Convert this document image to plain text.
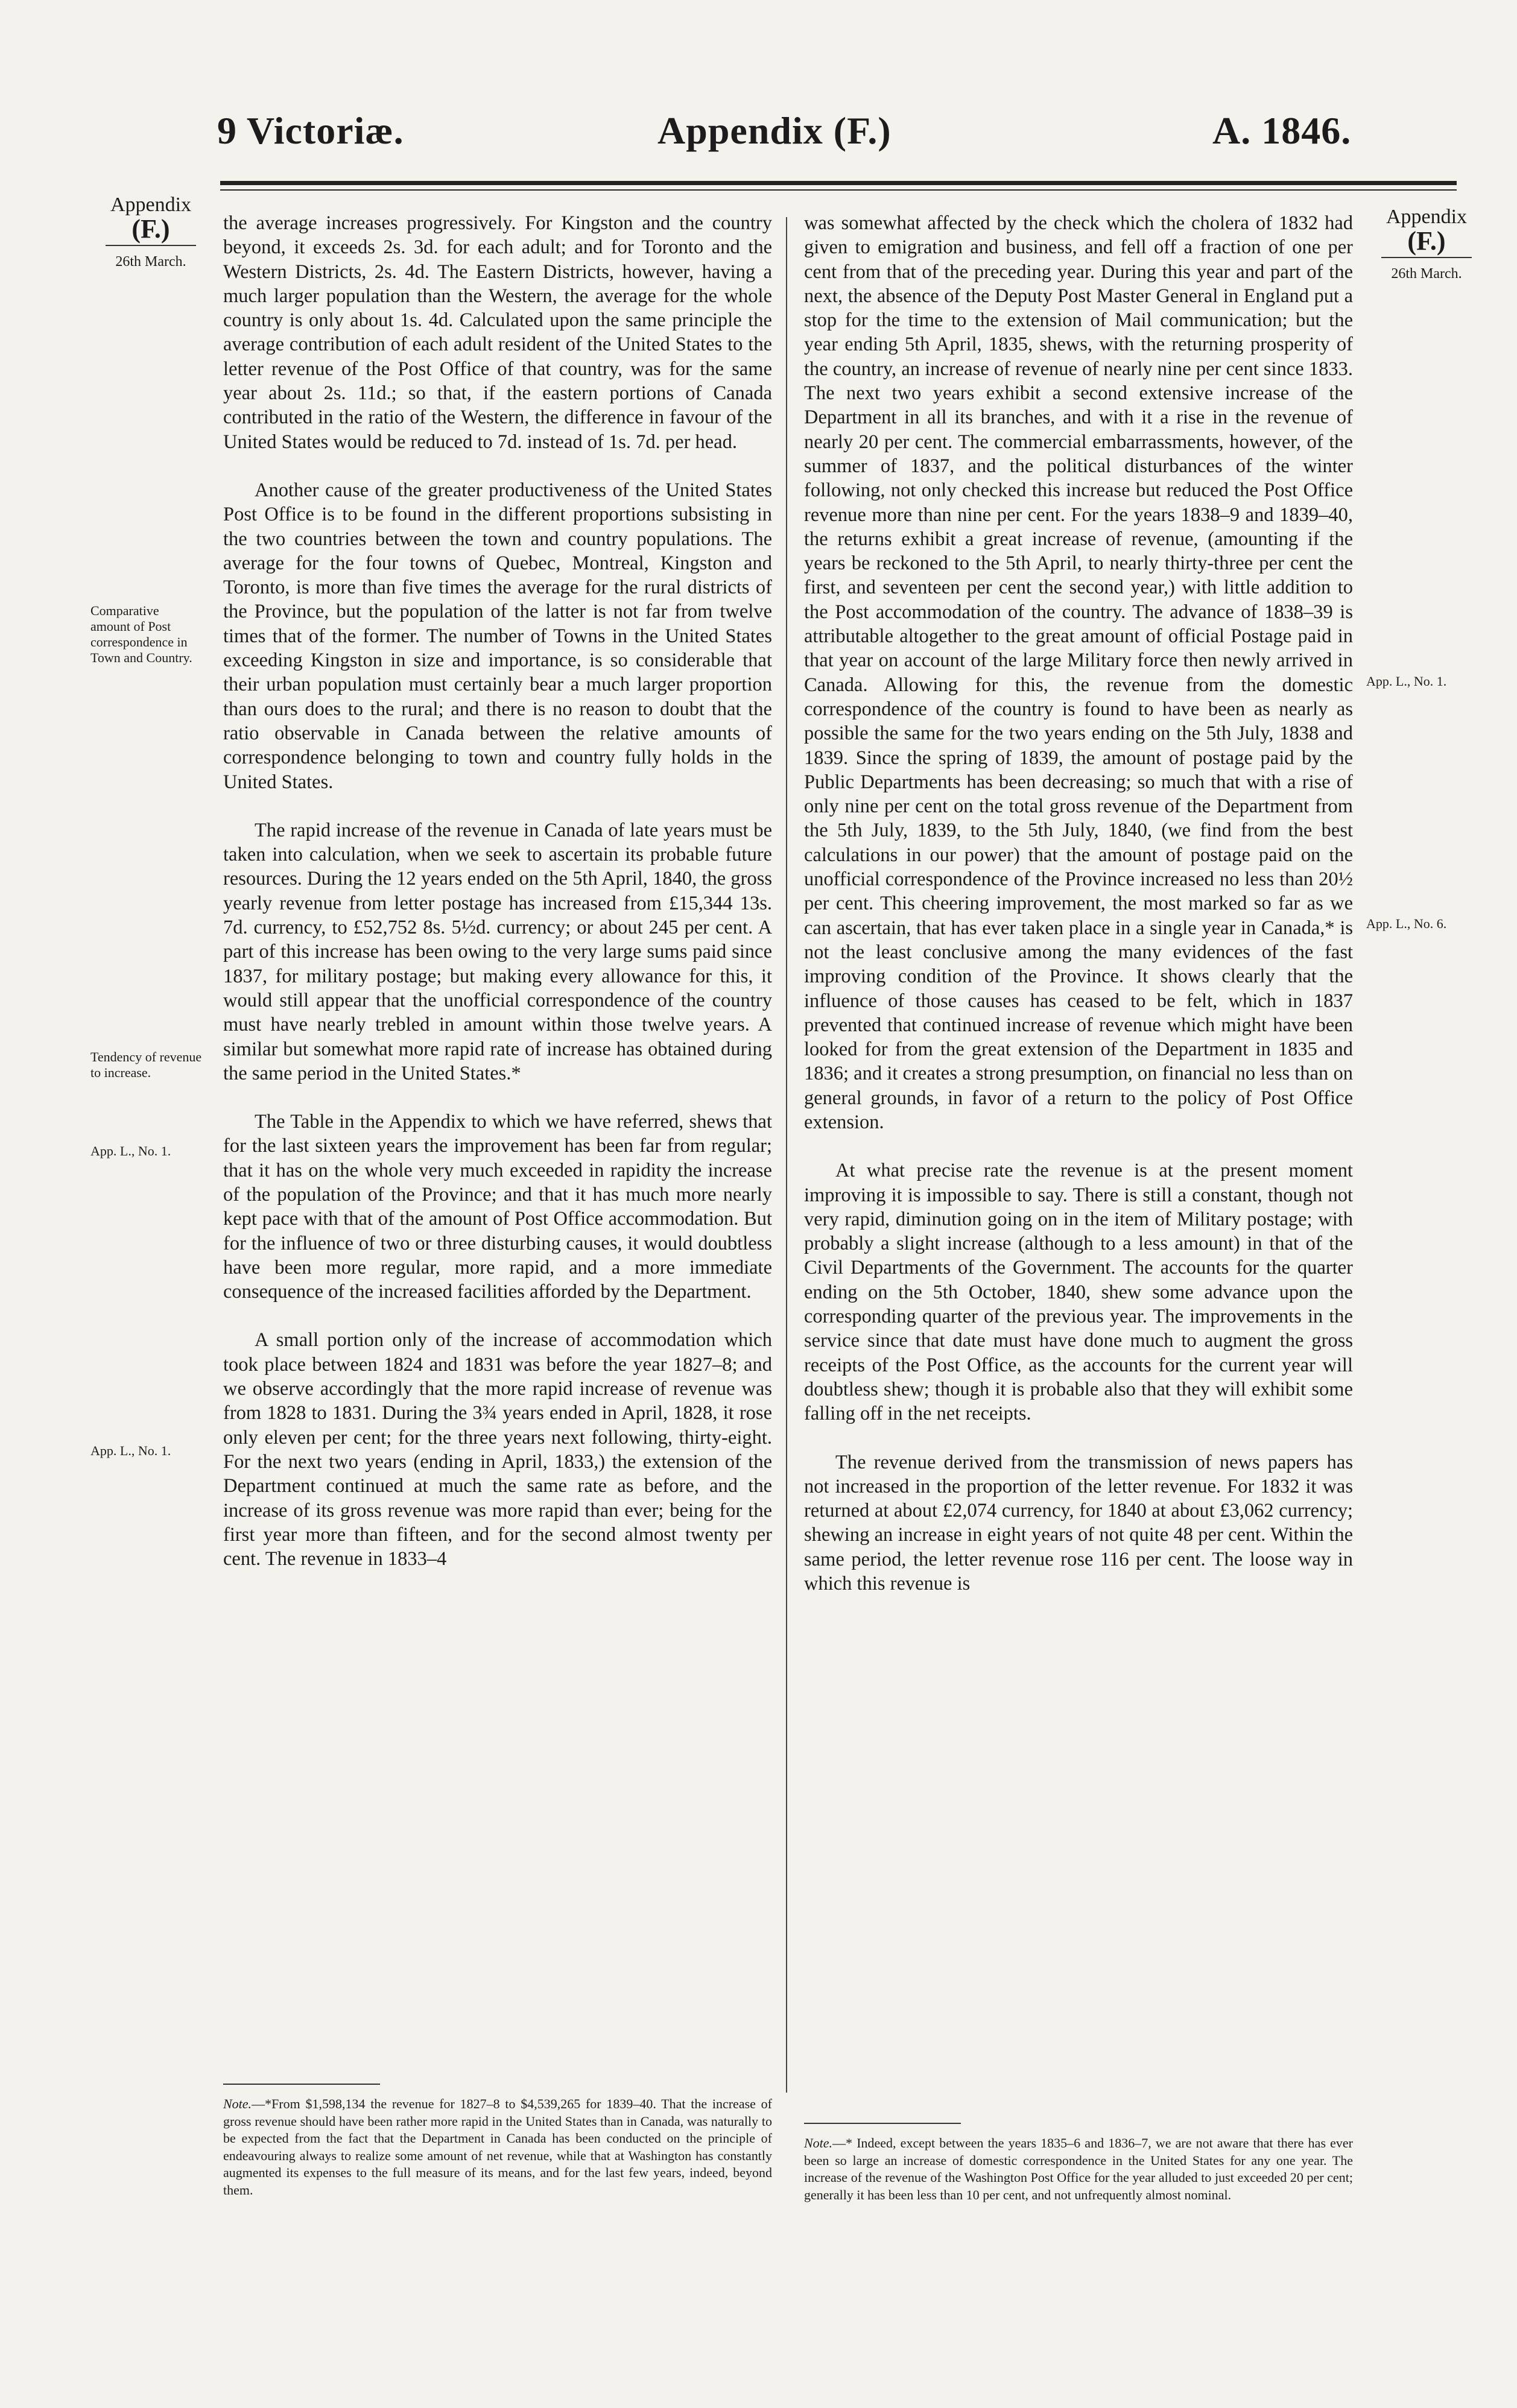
9 Victoriæ.	Appendix (F.)	A. 1846.
Appendix
(F.)
26th March.
Comparative amount of Post correspondence in Town and Country.
Tendency of revenue to increase.
App. L., No. 1.
App. L., No. 1.
Appendix
(F.)
26th March.
App. L., No. 1.
App. L., No. 6.

the average increases progressively. For Kingston and the country beyond, it exceeds 2s. 3d. for each adult; and for Toronto and the Western Districts, 2s. 4d. The Eastern Districts, however, having a much larger population than the Western, the average for the whole country is only about 1s. 4d. Calculated upon the same principle the average contribution of each adult resident of the United States to the letter revenue of the Post Office of that country, was for the same year about 2s. 11d.; so that, if the eastern portions of Canada contributed in the ratio of the Western, the difference in favour of the United States would be reduced to 7d. instead of 1s. 7d. per head.

Another cause of the greater productiveness of the United States Post Office is to be found in the different proportions subsisting in the two countries between the town and country populations. The average for the four towns of Quebec, Montreal, Kingston and Toronto, is more than five times the average for the rural districts of the Province, but the population of the latter is not far from twelve times that of the former. The number of Towns in the United States exceeding Kingston in size and importance, is so considerable that their urban population must certainly bear a much larger proportion than ours does to the rural; and there is no reason to doubt that the ratio observable in Canada between the relative amounts of correspondence belonging to town and country fully holds in the United States.

The rapid increase of the revenue in Canada of late years must be taken into calculation, when we seek to ascertain its probable future resources. During the 12 years ended on the 5th April, 1840, the gross yearly revenue from letter postage has increased from £15,344 13s. 7d. currency, to £52,752 8s. 5½d. currency; or about 245 per cent. A part of this increase has been owing to the very large sums paid since 1837, for military postage; but making every allowance for this, it would still appear that the unofficial correspondence of the country must have nearly trebled in amount within those twelve years. A similar but somewhat more rapid rate of increase has obtained during the same period in the United States.*

The Table in the Appendix to which we have referred, shews that for the last sixteen years the improvement has been far from regular; that it has on the whole very much exceeded in rapidity the increase of the population of the Province; and that it has much more nearly kept pace with that of the amount of Post Office accommodation. But for the influence of two or three disturbing causes, it would doubtless have been more regular, more rapid, and a more immediate consequence of the increased facilities afforded by the Department.

A small portion only of the increase of accommodation which took place between 1824 and 1831 was before the year 1827–8; and we observe accordingly that the more rapid increase of revenue was from 1828 to 1831. During the 3¾ years ended in April, 1828, it rose only eleven per cent; for the three years next following, thirty-eight. For the next two years (ending in April, 1833,) the extension of the Department continued at much the same rate as before, and the increase of its gross revenue was more rapid than ever; being for the first year more than fifteen, and for the second almost twenty per cent. The revenue in 1833–4

was somewhat affected by the check which the cholera of 1832 had given to emigration and business, and fell off a fraction of one per cent from that of the preceding year. During this year and part of the next, the absence of the Deputy Post Master General in England put a stop for the time to the extension of Mail communication; but the year ending 5th April, 1835, shews, with the returning prosperity of the country, an increase of revenue of nearly nine per cent since 1833. The next two years exhibit a second extensive increase of the Department in all its branches, and with it a rise in the revenue of nearly 20 per cent. The commercial embarrassments, however, of the summer of 1837, and the political disturbances of the winter following, not only checked this increase but reduced the Post Office revenue more than nine per cent. For the years 1838–9 and 1839–40, the returns exhibit a great increase of revenue, (amounting if the years be reckoned to the 5th April, to nearly thirty-three per cent the first, and seventeen per cent the second year,) with little addition to the Post accommodation of the country. The advance of 1838–39 is attributable altogether to the great amount of official Postage paid in that year on account of the large Military force then newly arrived in Canada. Allowing for this, the revenue from the domestic correspondence of the country is found to have been as nearly as possible the same for the two years ending on the 5th July, 1838 and 1839. Since the spring of 1839, the amount of postage paid by the Public Departments has been decreasing; so much that with a rise of only nine per cent on the total gross revenue of the Department from the 5th July, 1839, to the 5th July, 1840, (we find from the best calculations in our power) that the amount of postage paid on the unofficial correspondence of the Province increased no less than 20½ per cent. This cheering improvement, the most marked so far as we can ascertain, that has ever taken place in a single year in Canada,* is not the least conclusive among the many evidences of the fast improving condition of the Province. It shows clearly that the influence of those causes has ceased to be felt, which in 1837 prevented that continued increase of revenue which might have been looked for from the great extension of the Department in 1835 and 1836; and it creates a strong presumption, on financial no less than on general grounds, in favor of a return to the policy of Post Office extension.

At what precise rate the revenue is at the present moment improving it is impossible to say. There is still a constant, though not very rapid, diminution going on in the item of Military postage; with probably a slight increase (although to a less amount) in that of the Civil Departments of the Government. The accounts for the quarter ending on the 5th October, 1840, shew some advance upon the corresponding quarter of the previous year. The improvements in the service since that date must have done much to augment the gross receipts of the Post Office, as the accounts for the current year will doubtless shew; though it is probable also that they will exhibit some falling off in the net receipts.

The revenue derived from the transmission of news papers has not increased in the proportion of the letter revenue. For 1832 it was returned at about £2,074 currency, for 1840 at about £3,062 currency; shewing an increase in eight years of not quite 48 per cent. Within the same period, the letter revenue rose 116 per cent. The loose way in which this revenue is

Note.—*From $1,598,134 the revenue for 1827–8 to $4,539,265 for 1839–40. That the increase of gross revenue should have been rather more rapid in the United States than in Canada, was naturally to be expected from the fact that the Department in Canada has been conducted on the principle of endeavouring always to realize some amount of net revenue, while that at Washington has constantly augmented its expenses to the full measure of its means, and for the last few years, indeed, beyond them.
Note.—* Indeed, except between the years 1835–6 and 1836–7, we are not aware that there has ever been so large an increase of domestic correspondence in the United States for any one year. The increase of the revenue of the Washington Post Office for the year alluded to just exceeded 20 per cent; generally it has been less than 10 per cent, and not unfrequently almost nominal.
